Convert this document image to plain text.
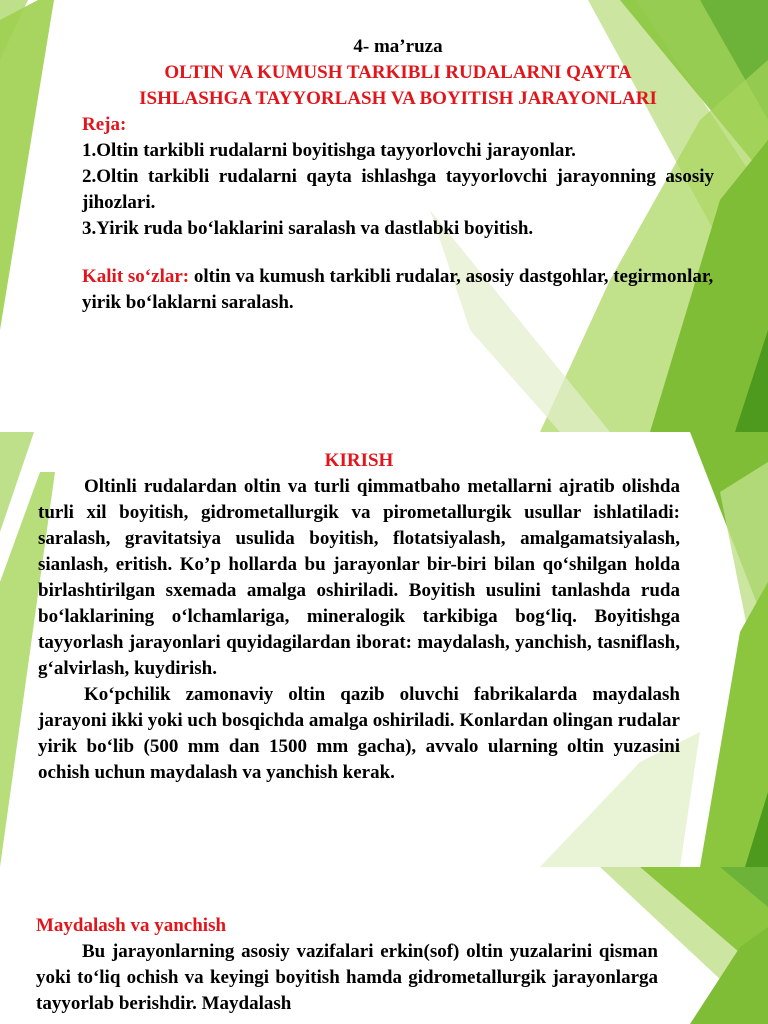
4- ma’ruza

OLTIN VA KUMUSH TARKIBLI RUDALARNI QAYTA

ISHLASHGA TAYYORLASH VA BOYITISH JARAYONLARI

Reja:

1.Oltin tarkibli rudalarni boyitishga tayyorlovchi jarayonlar.

2.Oltin tarkibli rudalarni qayta ishlashga tayyorlovchi jarayonning asosiy jihozlari.

3.Yirik ruda bo‘laklarini saralash va dastlabki boyitish.

Kalit so‘zlar: oltin va kumush tarkibli rudalar, asosiy dastgohlar, tegirmonlar, yirik bo‘laklarni saralash.

KIRISH

Oltinli rudalardan oltin va turli qimmatbaho metallarni ajratib olishda turli xil boyitish, gidrometallurgik va pirometallurgik usullar ishlatiladi: saralash, gravitatsiya usulida boyitish, flotatsiyalash, amalgamatsiyalash, sianlash, eritish. Ko’p hollarda bu jarayonlar bir-biri bilan qo‘shilgan holda birlashtirilgan sxemada amalga oshiriladi. Boyitish usulini tanlashda ruda bo‘laklarining o‘lchamlariga, mineralogik tarkibiga bog‘liq. Boyitishga tayyorlash jarayonlari quyidagilardan iborat: maydalash, yanchish, tasniflash, g‘alvirlash, kuydirish.

Ko‘pchilik zamonaviy oltin qazib oluvchi fabrikalarda maydalash jarayoni ikki yoki uch bosqichda amalga oshiriladi. Konlardan olingan rudalar yirik bo‘lib (500 mm dan 1500 mm gacha), avvalo ularning oltin yuzasini ochish uchun maydalash va yanchish kerak.

Maydalash va yanchish

Bu jarayonlarning asosiy vazifalari erkin(sof) oltin yuzalarini qisman yoki to‘liq ochish va keyingi boyitish hamda gidrometallurgik jarayonlarga tayyorlab berishdir. Maydalash
